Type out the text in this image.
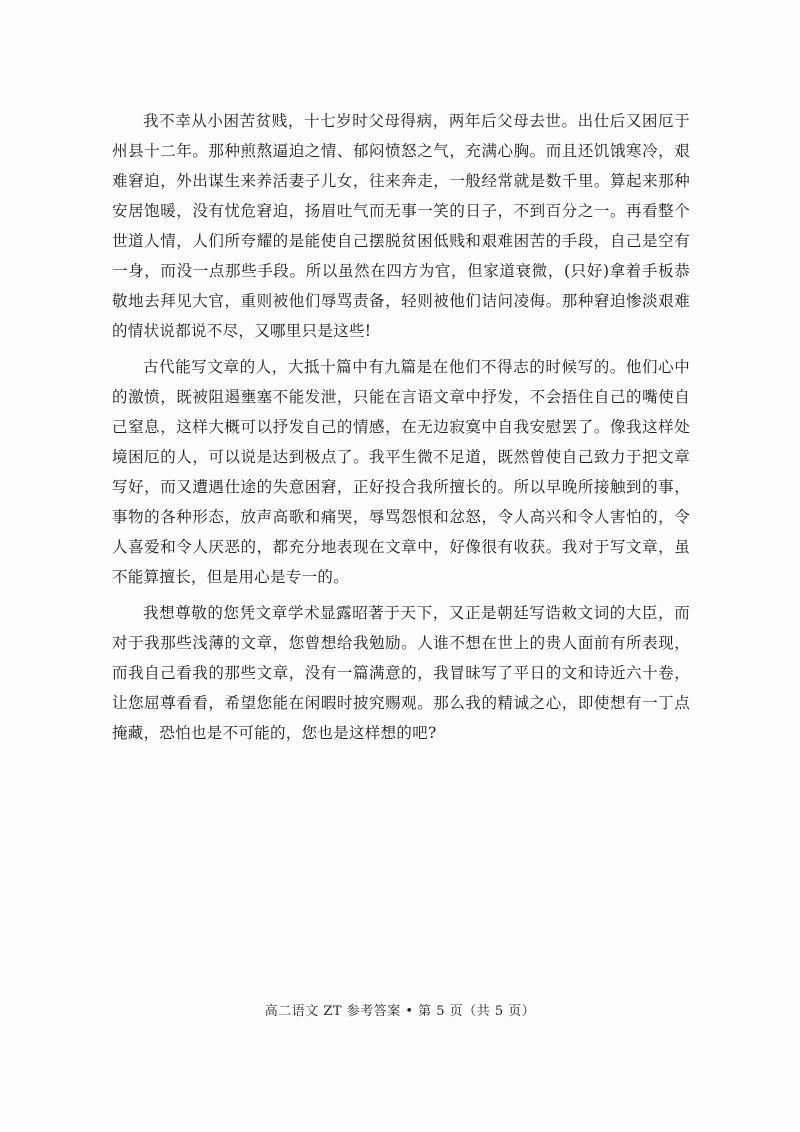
我不幸从小困苦贫贱，十七岁时父母得病，两年后父母去世。出仕后又困厄于州县十二年。那种煎熬逼迫之情、郁闷愤怒之气，充满心胸。而且还饥饿寒冷，艰难窘迫，外出谋生来养活妻子儿女，往来奔走，一般经常就是数千里。算起来那种安居饱暖，没有忧危窘迫，扬眉吐气而无事一笑的日子，不到百分之一。再看整个世道人情，人们所夸耀的是能使自己摆脱贫困低贱和艰难困苦的手段，自己是空有一身，而没一点那些手段。所以虽然在四方为官，但家道衰微，(只好)拿着手板恭敬地去拜见大官，重则被他们辱骂责备，轻则被他们诘问凌侮。那种窘迫惨淡艰难的情状说都说不尽，又哪里只是这些!

古代能写文章的人，大抵十篇中有九篇是在他们不得志的时候写的。他们心中的激愤，既被阻遏壅塞不能发泄，只能在言语文章中抒发，不会捂住自己的嘴使自己窒息，这样大概可以抒发自己的情感，在无边寂寞中自我安慰罢了。像我这样处境困厄的人，可以说是达到极点了。我平生微不足道，既然曾使自己致力于把文章写好，而又遭遇仕途的失意困窘，正好投合我所擅长的。所以早晚所接触到的事，事物的各种形态，放声高歌和痛哭，辱骂怨恨和忿怒，令人高兴和令人害怕的，令人喜爱和令人厌恶的，都充分地表现在文章中，好像很有收获。我对于写文章，虽不能算擅长，但是用心是专一的。

我想尊敬的您凭文章学术显露昭著于天下，又正是朝廷写诰敕文词的大臣，而对于我那些浅薄的文章，您曾想给我勉励。人谁不想在世上的贵人面前有所表现，而我自己看我的那些文章，没有一篇满意的，我冒昧写了平日的文和诗近六十卷，让您屈尊看看，希望您能在闲暇时披究赐观。那么我的精诚之心，即使想有一丁点掩藏，恐怕也是不可能的，您也是这样想的吧?

高二语文 ZT 参考答案 • 第 5 页（共 5 页）
